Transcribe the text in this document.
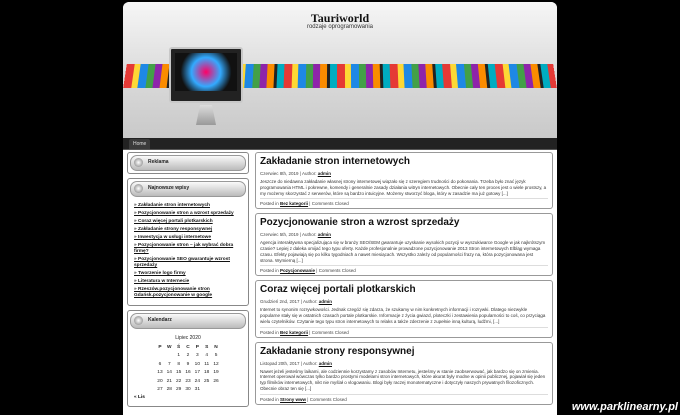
Tauriworld
rodzaje oprogramowania
Home
Reklama
Najnowsze wpisy
» Zakładanie stron internetowych
» Pozycjonowanie stron a wzrost sprzedaży
» Coraz więcej portali plotkarskich
» Zakładanie strony responsywnej
» Inwestycja w usługi internetowe
» Pozycjonowanie stron – jak wybrać dobra firmę?
» Pozycjonowanie SEO gwarantuje wzrost sprzedaży
» Tworzenie logo firmy
» Literatura w Internecie
» Rzeszów.pozycjonowanie stron Gdańsk.pozycjonowanie w google
Kalendarz
Lipiec 2020
P	W	Ś	C	P	S	N
		1	2	3	4	5
6	7	8	9	10	11	12
13	14	15	16	17	18	19
20	21	22	23	24	25	26
27	28	29	30	31		
« Lis
Zakładanie stron internetowych
Czerwiec 8th, 2019 | Author: admin
Jeszcze do niedawna zakładanie własnej strony internetowej wiązało się z szeregiem trudności do pokonania. Trzeba było znać język programowania HTML i pokrewne, komendy i generalnie zasady działania witryn internetowych. Obecnie cały ten proces jest o wiele prostszy, a my możemy skorzystać z serwerów, które są bardzo intuicyjne. Możemy stworzyć bloga, który w zasadzie ma już gotowy [...]
Posted in Bez kategorii | Comments Closed
Pozycjonowanie stron a wzrost sprzedaży
Czerwiec 5th, 2019 | Author: admin
Agencja interaktywna specjalizująca się w branży SEO/SEM gwarantuje uzyskanie wysokich pozycji w wyszukiwarce Google w jak najkrótszym czasie? Lepiej z daleka omijać tego typu oferty. Każde profesjonalnie prowadzone pozycjonowanie 2013 Stron internetowych Elbląg wymaga czasu. Efekty pojawiają się po kilku tygodniach a nawet miesiącach. Wszystko zależy od popularności frazy na, która pozycjonowana jest strona. Wymierną [...]
Posted in Pozycjonowanie | Comments Closed
Coraz więcej portali plotkarskich
Grudzień 2nd, 2017 | Author: admin
Internet to synonim rozrywkowości. Jednak czegóż się zdarza, że szukamy w nim konkretnych informacji i rozrywki. Dlatego niezwykle popularne stały się w ostatnich czasach portale plotkarskie. Informacje z życia gwiazd, ploteczki i zestawienia popularności to coś, co przyciąga wielu czytelników. Czytanie tego typu stron internetowych to relaks a także zderzenie z zupełnie inną kulturą, ludźmi, [...]
Posted in Bez kategorii | Comments Closed
Zakładanie strony responsywnej
Listopad 20th, 2017 | Author: admin
Nawet jeżeli jesteśmy laikami, ale codziennie korzystamy z zasobów Internetu, jesteśmy w stanie zaobserwować, jak bardzo się on zmienia. Internet operował wówczas tylko bardzo prostymi modelami stron internetowych, które akurat były modne w opinii publicznej, pojawiał się jeden typ filmików internetowych, nikt nie myślał o vlogowaniu. Blogi były raczej monotematyczne i dotyczyły naszych prywatnych filozoficznych. Obecnie obraz ten się [...]
Posted in Strony www | Comments Closed
www.parklinearny.pl
